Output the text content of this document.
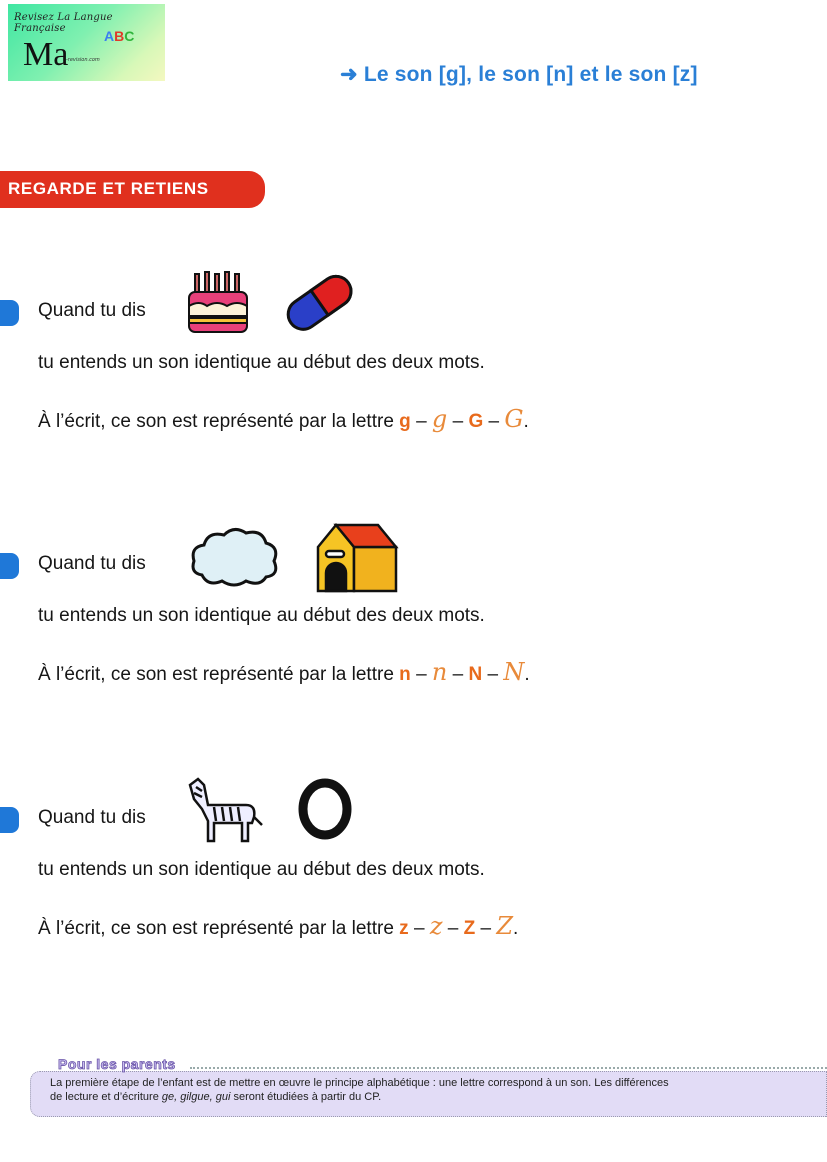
Revisez La Langue Française
Ma	ABC
-revision.com
➜ Le son [g], le son [n] et le son [z]
REGARDE ET RETIENS
Quand tu dis
tu entends un son identique au début des deux mots.
À l’écrit, ce son est représenté par la lettre g – g – G – G.
Quand tu dis
tu entends un son identique au début des deux mots.
À l’écrit, ce son est représenté par la lettre n – n – N – N.
Quand tu dis
tu entends un son identique au début des deux mots.
À l’écrit, ce son est représenté par la lettre z – z – Z – Z.
Pour les parents
La première étape de l’enfant est de mettre en œuvre le principe alphabétique : une lettre correspond à un son. Les différences
de lecture et d’écriture ge, gilgue, gui seront étudiées à partir du CP.
